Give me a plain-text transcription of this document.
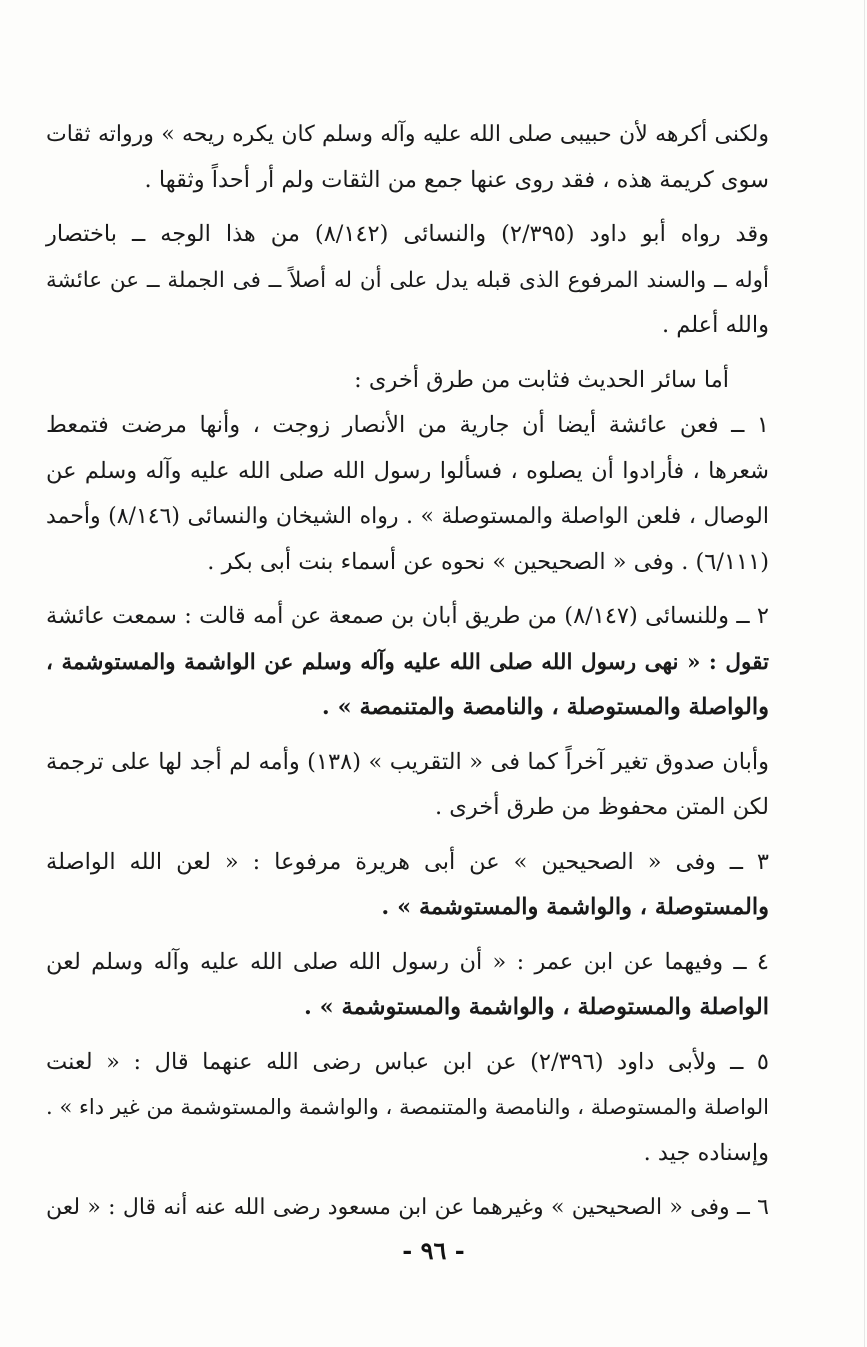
ولكنى أكرهه لأن حبيبى صلى الله عليه وآله وسلم كان يكره ريحه » ورواته ثقات
سوى كريمة هذه ، فقد روى عنها جمع من الثقات ولم أر أحداً وثقها .

وقد رواه أبو داود (٢/٣٩٥) والنسائى (٨/١٤٢) من هذا الوجه ــ باختصار
أوله ــ والسند المرفوع الذى قبله يدل على أن له أصلاً ــ فى الجملة ــ عن عائشة
والله أعلم .

أما سائر الحديث فثابت من طرق أخرى :

١ ــ فعن عائشة أيضا أن جارية من الأنصار زوجت ، وأنها مرضت فتمعط
شعرها ، فأرادوا أن يصلوه ، فسألوا رسول الله صلى الله عليه وآله وسلم عن
الوصال ، فلعن الواصلة والمستوصلة » . رواه الشيخان والنسائى (٨/١٤٦) وأحمد
(٦/١١١) . وفى « الصحيحين » نحوه عن أسماء بنت أبى بكر .

٢ ــ وللنسائى (٨/١٤٧) من طريق أبان بن صمعة عن أمه قالت : سمعت عائشة
تقول : « نهى رسول الله صلى الله عليه وآله وسلم عن الواشمة والمستوشمة ،
والواصلة والمستوصلة ، والنامصة والمتنمصة » .

وأبان صدوق تغير آخراً كما فى « التقريب » (١٣٨) وأمه لم أجد لها على ترجمة
لكن المتن محفوظ من طرق أخرى .

٣ ــ وفى « الصحيحين » عن أبى هريرة مرفوعا : « لعن الله الواصلة
والمستوصلة ، والواشمة والمستوشمة » .

٤ ــ وفيهما عن ابن عمر : « أن رسول الله صلى الله عليه وآله وسلم لعن
الواصلة والمستوصلة ، والواشمة والمستوشمة » .

٥ ــ ولأبى داود (٢/٣٩٦) عن ابن عباس رضى الله عنهما قال : « لعنت
الواصلة والمستوصلة ، والنامصة والمتنمصة ، والواشمة والمستوشمة من غير داء » .
وإسناده جيد .

٦ ــ وفى « الصحيحين » وغيرهما عن ابن مسعود رضى الله عنه أنه قال : « لعن

- ٩٦ -
